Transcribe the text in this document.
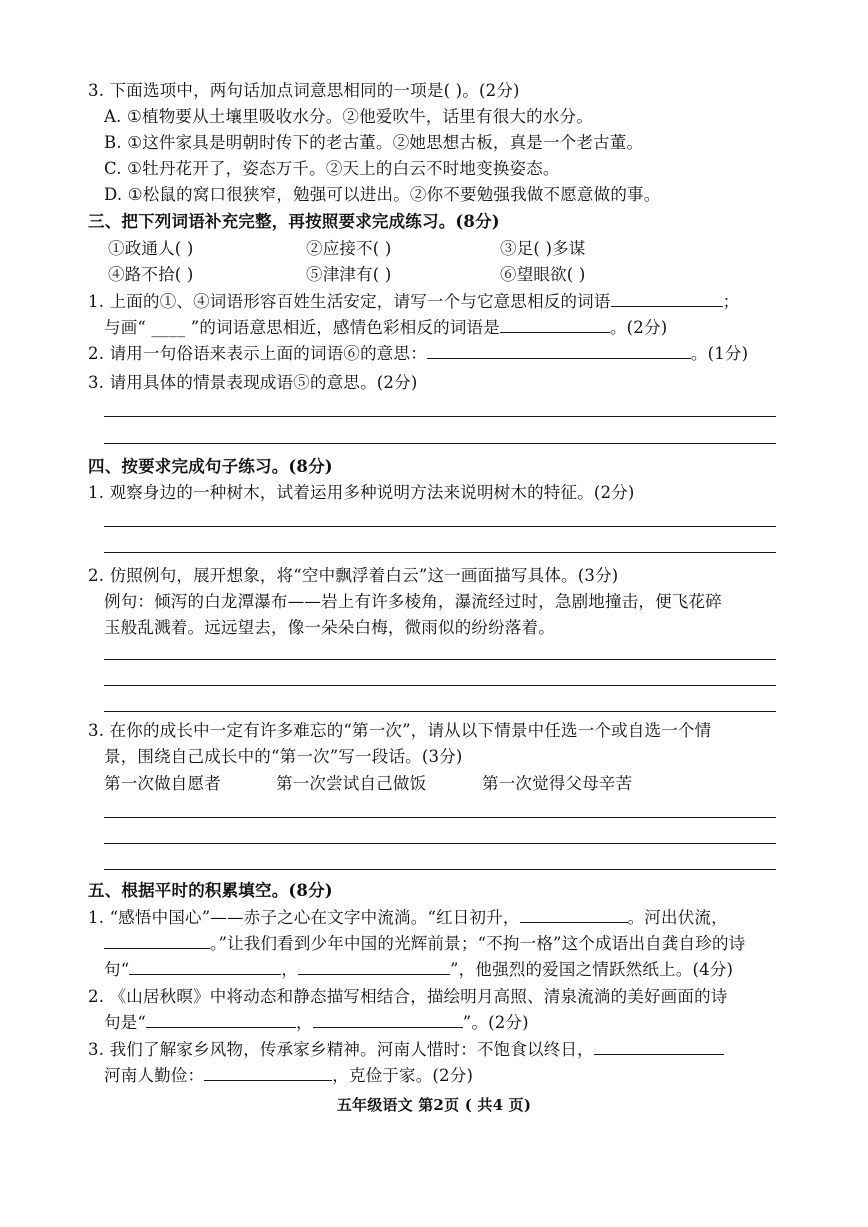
3. 下面选项中，两句话加点词意思相同的一项是( )。(2分)
A. ①植物要从土壤里吸收水分。②他爱吹牛，话里有很大的水分。
B. ①这件家具是明朝时传下的老古董。②她思想古板，真是一个老古董。
C. ①牡丹花开了，姿态万千。②天上的白云不时地变换姿态。
D. ①松鼠的窝口很狭窄，勉强可以进出。②你不要勉强我做不愿意做的事。
三、把下列词语补充完整，再按照要求完成练习。(8分)
①政通人( )	②应接不( )	③足( )多谋
④路不拾( )	⑤津津有( )	⑥望眼欲( )
1. 上面的①、④词语形容百姓生活安定，请写一个与它意思相反的词语	；
与画“ ____ ”的词语意思相近，感情色彩相反的词语是	。(2分)
2. 请用一句俗语来表示上面的词语⑥的意思：	。(1分)
3. 请用具体的情景表现成语⑤的意思。(2分)
四、按要求完成句子练习。(8分)
1. 观察身边的一种树木，试着运用多种说明方法来说明树木的特征。(2分)
2. 仿照例句，展开想象，将“空中飘浮着白云”这一画面描写具体。(3分)
例句：倾泻的白龙潭瀑布——岩上有许多棱角，瀑流经过时，急剧地撞击，便飞花碎
玉般乱溅着。远远望去，像一朵朵白梅，微雨似的纷纷落着。
3. 在你的成长中一定有许多难忘的“第一次”，请从以下情景中任选一个或自选一个情
景，围绕自己成长中的“第一次”写一段话。(3分)
第一次做自愿者	第一次尝试自己做饭	第一次觉得父母辛苦
五、根据平时的积累填空。(8分)
1. “感悟中国心”——赤子之心在文字中流淌。“红日初升，	。河出伏流，
。”让我们看到少年中国的光辉前景；“不拘一格”这个成语出自龚自珍的诗
句“	，	”，他强烈的爱国之情跃然纸上。(4分)
2. 《山居秋暝》中将动态和静态描写相结合，描绘明月高照、清泉流淌的美好画面的诗
句是“	，	”。(2分)
3. 我们了解家乡风物，传承家乡精神。河南人惜时：不饱食以终日，
河南人勤俭：	，克俭于家。(2分)
五年级语文 第2页 ( 共4 页)
